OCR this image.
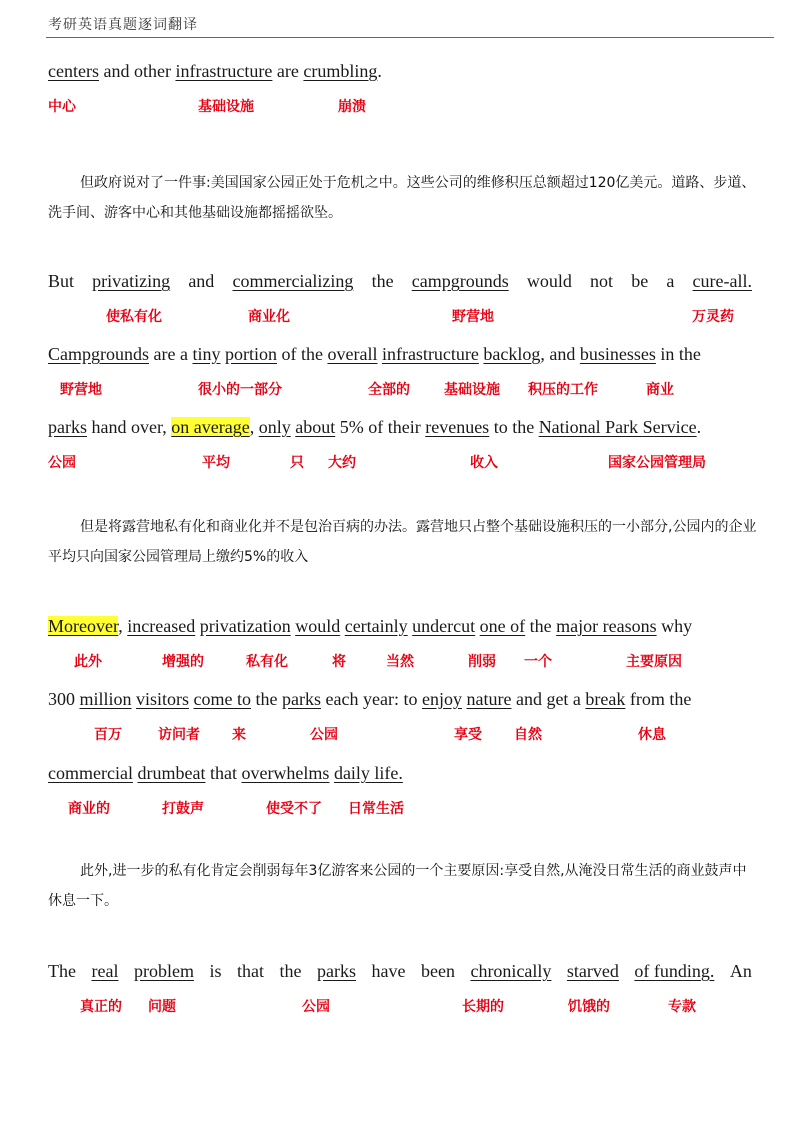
考研英语真题逐词翻译
centers and other infrastructure are crumbling.
中心	基础设施	崩溃
但政府说对了一件事:美国国家公园正处于危机之中。这些公司的维修积压总额超过120亿美元。道路、步道、洗手间、游客中心和其他基础设施都摇摇欲坠。
But privatizing and commercializing the campgrounds would not be a cure-all.
使私有化	商业化	野营地	万灵药
Campgrounds are a tiny portion of the overall infrastructure backlog, and businesses in the
野营地	很小的一部分	全部的 基础设施 积压的工作	商业
parks hand over, on average, only about 5% of their revenues to the National Park Service.
公园	平均	只 大约	收入	国家公园管理局
但是将露营地私有化和商业化并不是包治百病的办法。露营地只占整个基础设施积压的一小部分,公园内的企业平均只向国家公园管理局上缴约5%的收入
Moreover, increased privatization would certainly undercut one of the major reasons why
此外	增强的	私有化	将	当然	削弱 一个	主要原因
300 million visitors come to the parks each year: to enjoy nature and get a break from the
百万	访问者 来	公园	享受 自然	休息
commercial drumbeat that overwhelms daily life.
商业的	打鼓声	使受不了 日常生活
此外,进一步的私有化肯定会削弱每年3亿游客来公园的一个主要原因:享受自然,从淹没日常生活的商业鼓声中休息一下。
The real problem is that the parks have been chronically starved of funding. An
真正的 问题	公园	长期的	饥饿的	专款
